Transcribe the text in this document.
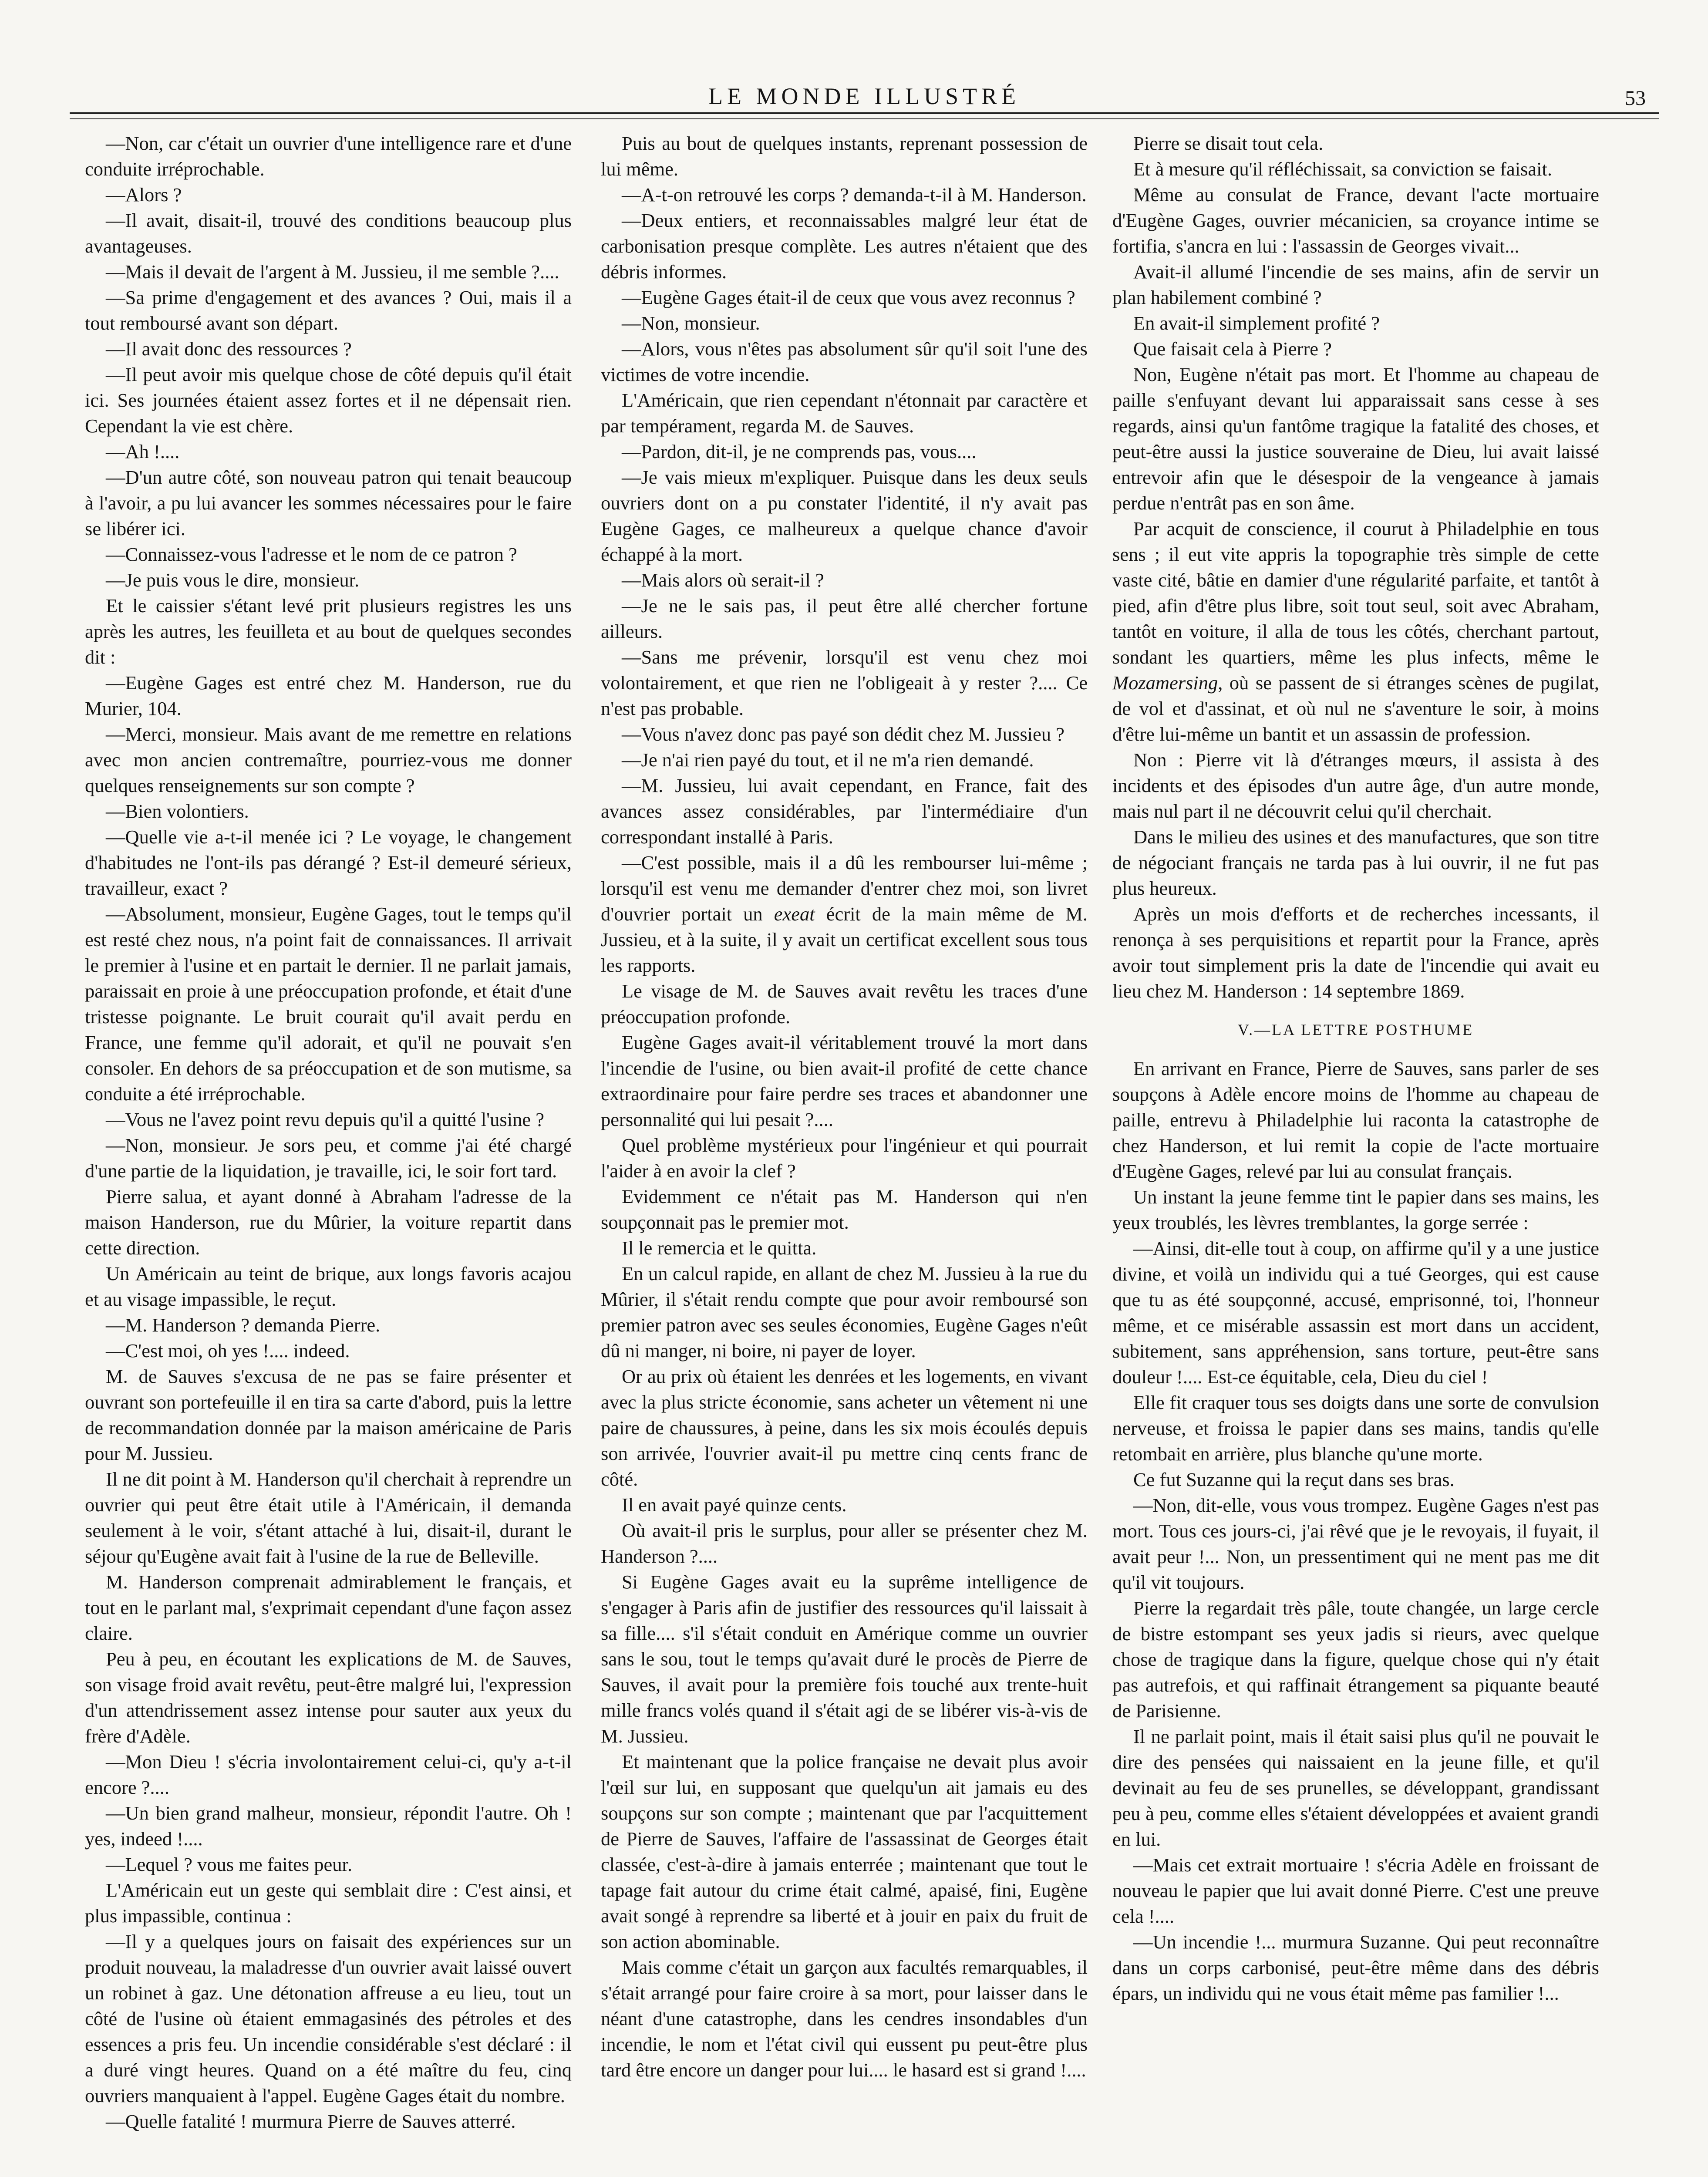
LE MONDE ILLUSTRÉ	53

—Non, car c'était un ouvrier d'une intelligence rare et d'une conduite irréprochable.

—Alors ?

—Il avait, disait-il, trouvé des conditions beaucoup plus avantageuses.

—Mais il devait de l'argent à M. Jussieu, il me semble ?....

—Sa prime d'engagement et des avances ? Oui, mais il a tout remboursé avant son départ.

—Il avait donc des ressources ?

—Il peut avoir mis quelque chose de côté depuis qu'il était ici. Ses journées étaient assez fortes et il ne dépensait rien. Cependant la vie est chère.

—Ah !....

—D'un autre côté, son nouveau patron qui tenait beaucoup à l'avoir, a pu lui avancer les sommes nécessaires pour le faire se libérer ici.

—Connaissez-vous l'adresse et le nom de ce patron ?

—Je puis vous le dire, monsieur.

Et le caissier s'étant levé prit plusieurs registres les uns après les autres, les feuilleta et au bout de quelques secondes dit :

—Eugène Gages est entré chez M. Handerson, rue du Murier, 104.

—Merci, monsieur. Mais avant de me remettre en relations avec mon ancien contremaître, pourriez-vous me donner quelques renseignements sur son compte ?

—Bien volontiers.

—Quelle vie a-t-il menée ici ? Le voyage, le changement d'habitudes ne l'ont-ils pas dérangé ? Est-il demeuré sérieux, travailleur, exact ?

—Absolument, monsieur, Eugène Gages, tout le temps qu'il est resté chez nous, n'a point fait de connaissances. Il arrivait le premier à l'usine et en partait le dernier. Il ne parlait jamais, paraissait en proie à une préoccupation profonde, et était d'une tristesse poignante. Le bruit courait qu'il avait perdu en France, une femme qu'il adorait, et qu'il ne pouvait s'en consoler. En dehors de sa préoccupation et de son mutisme, sa conduite a été irréprochable.

—Vous ne l'avez point revu depuis qu'il a quitté l'usine ?

—Non, monsieur. Je sors peu, et comme j'ai été chargé d'une partie de la liquidation, je travaille, ici, le soir fort tard.

Pierre salua, et ayant donné à Abraham l'adresse de la maison Handerson, rue du Mûrier, la voiture repartit dans cette direction.

Un Américain au teint de brique, aux longs favoris acajou et au visage impassible, le reçut.

—M. Handerson ? demanda Pierre.

—C'est moi, oh yes !.... indeed.

M. de Sauves s'excusa de ne pas se faire présenter et ouvrant son portefeuille il en tira sa carte d'abord, puis la lettre de recommandation donnée par la maison américaine de Paris pour M. Jussieu.

Il ne dit point à M. Handerson qu'il cherchait à reprendre un ouvrier qui peut être était utile à l'Américain, il demanda seulement à le voir, s'étant attaché à lui, disait-il, durant le séjour qu'Eugène avait fait à l'usine de la rue de Belleville.

M. Handerson comprenait admirablement le français, et tout en le parlant mal, s'exprimait cependant d'une façon assez claire.

Peu à peu, en écoutant les explications de M. de Sauves, son visage froid avait revêtu, peut-être malgré lui, l'expression d'un attendrissement assez intense pour sauter aux yeux du frère d'Adèle.

—Mon Dieu ! s'écria involontairement celui-ci, qu'y a-t-il encore ?....

—Un bien grand malheur, monsieur, répondit l'autre. Oh ! yes, indeed !....

—Lequel ? vous me faites peur.

L'Américain eut un geste qui semblait dire : C'est ainsi, et plus impassible, continua :

—Il y a quelques jours on faisait des expériences sur un produit nouveau, la maladresse d'un ouvrier avait laissé ouvert un robinet à gaz. Une détonation affreuse a eu lieu, tout un côté de l'usine où étaient emmagasinés des pétroles et des essences a pris feu. Un incendie considérable s'est déclaré : il a duré vingt heures. Quand on a été maître du feu, cinq ouvriers manquaient à l'appel. Eugène Gages était du nombre.

—Quelle fatalité ! murmura Pierre de Sauves atterré.

Puis au bout de quelques instants, reprenant possession de lui même.

—A-t-on retrouvé les corps ? demanda-t-il à M. Handerson.

—Deux entiers, et reconnaissables malgré leur état de carbonisation presque complète. Les autres n'étaient que des débris informes.

—Eugène Gages était-il de ceux que vous avez reconnus ?

—Non, monsieur.

—Alors, vous n'êtes pas absolument sûr qu'il soit l'une des victimes de votre incendie.

L'Américain, que rien cependant n'étonnait par caractère et par tempérament, regarda M. de Sauves.

—Pardon, dit-il, je ne comprends pas, vous....

—Je vais mieux m'expliquer. Puisque dans les deux seuls ouvriers dont on a pu constater l'identité, il n'y avait pas Eugène Gages, ce malheureux a quelque chance d'avoir échappé à la mort.

—Mais alors où serait-il ?

—Je ne le sais pas, il peut être allé chercher fortune ailleurs.

—Sans me prévenir, lorsqu'il est venu chez moi volontairement, et que rien ne l'obligeait à y rester ?.... Ce n'est pas probable.

—Vous n'avez donc pas payé son dédit chez M. Jussieu ?

—Je n'ai rien payé du tout, et il ne m'a rien demandé.

—M. Jussieu, lui avait cependant, en France, fait des avances assez considérables, par l'intermédiaire d'un correspondant installé à Paris.

—C'est possible, mais il a dû les rembourser lui-même ; lorsqu'il est venu me demander d'entrer chez moi, son livret d'ouvrier portait un exeat écrit de la main même de M. Jussieu, et à la suite, il y avait un certificat excellent sous tous les rapports.

Le visage de M. de Sauves avait revêtu les traces d'une préoccupation profonde.

Eugène Gages avait-il véritablement trouvé la mort dans l'incendie de l'usine, ou bien avait-il profité de cette chance extraordinaire pour faire perdre ses traces et abandonner une personnalité qui lui pesait ?....

Quel problème mystérieux pour l'ingénieur et qui pourrait l'aider à en avoir la clef ?

Evidemment ce n'était pas M. Handerson qui n'en soupçonnait pas le premier mot.

Il le remercia et le quitta.

En un calcul rapide, en allant de chez M. Jussieu à la rue du Mûrier, il s'était rendu compte que pour avoir remboursé son premier patron avec ses seules économies, Eugène Gages n'eût dû ni manger, ni boire, ni payer de loyer.

Or au prix où étaient les denrées et les logements, en vivant avec la plus stricte économie, sans acheter un vêtement ni une paire de chaussures, à peine, dans les six mois écoulés depuis son arrivée, l'ouvrier avait-il pu mettre cinq cents franc de côté.

Il en avait payé quinze cents.

Où avait-il pris le surplus, pour aller se présenter chez M. Handerson ?....

Si Eugène Gages avait eu la suprême intelligence de s'engager à Paris afin de justifier des ressources qu'il laissait à sa fille.... s'il s'était conduit en Amérique comme un ouvrier sans le sou, tout le temps qu'avait duré le procès de Pierre de Sauves, il avait pour la première fois touché aux trente-huit mille francs volés quand il s'était agi de se libérer vis-à-vis de M. Jussieu.

Et maintenant que la police française ne devait plus avoir l'œil sur lui, en supposant que quelqu'un ait jamais eu des soupçons sur son compte ; maintenant que par l'acquittement de Pierre de Sauves, l'affaire de l'assassinat de Georges était classée, c'est-à-dire à jamais enterrée ; maintenant que tout le tapage fait autour du crime était calmé, apaisé, fini, Eugène avait songé à reprendre sa liberté et à jouir en paix du fruit de son action abominable.

Mais comme c'était un garçon aux facultés remarquables, il s'était arrangé pour faire croire à sa mort, pour laisser dans le néant d'une catastrophe, dans les cendres insondables d'un incendie, le nom et l'état civil qui eussent pu peut-être plus tard être encore un danger pour lui.... le hasard est si grand !....

Pierre se disait tout cela.

Et à mesure qu'il réfléchissait, sa conviction se faisait.

Même au consulat de France, devant l'acte mortuaire d'Eugène Gages, ouvrier mécanicien, sa croyance intime se fortifia, s'ancra en lui : l'assassin de Georges vivait...

Avait-il allumé l'incendie de ses mains, afin de servir un plan habilement combiné ?

En avait-il simplement profité ?

Que faisait cela à Pierre ?

Non, Eugène n'était pas mort. Et l'homme au chapeau de paille s'enfuyant devant lui apparaissait sans cesse à ses regards, ainsi qu'un fantôme tragique la fatalité des choses, et peut-être aussi la justice souveraine de Dieu, lui avait laissé entrevoir afin que le désespoir de la vengeance à jamais perdue n'entrât pas en son âme.

Par acquit de conscience, il courut à Philadelphie en tous sens ; il eut vite appris la topographie très simple de cette vaste cité, bâtie en damier d'une régularité parfaite, et tantôt à pied, afin d'être plus libre, soit tout seul, soit avec Abraham, tantôt en voiture, il alla de tous les côtés, cherchant partout, sondant les quartiers, même les plus infects, même le Mozamersing, où se passent de si étranges scènes de pugilat, de vol et d'assinat, et où nul ne s'aventure le soir, à moins d'être lui-même un bantit et un assassin de profession.

Non : Pierre vit là d'étranges mœurs, il assista à des incidents et des épisodes d'un autre âge, d'un autre monde, mais nul part il ne découvrit celui qu'il cherchait.

Dans le milieu des usines et des manufactures, que son titre de négociant français ne tarda pas à lui ouvrir, il ne fut pas plus heureux.

Après un mois d'efforts et de recherches incessants, il renonça à ses perquisitions et repartit pour la France, après avoir tout simplement pris la date de l'incendie qui avait eu lieu chez M. Handerson : 14 septembre 1869.

V.—LA LETTRE POSTHUME

En arrivant en France, Pierre de Sauves, sans parler de ses soupçons à Adèle encore moins de l'homme au chapeau de paille, entrevu à Philadelphie lui raconta la catastrophe de chez Handerson, et lui remit la copie de l'acte mortuaire d'Eugène Gages, relevé par lui au consulat français.

Un instant la jeune femme tint le papier dans ses mains, les yeux troublés, les lèvres tremblantes, la gorge serrée :

—Ainsi, dit-elle tout à coup, on affirme qu'il y a une justice divine, et voilà un individu qui a tué Georges, qui est cause que tu as été soupçonné, accusé, emprisonné, toi, l'honneur même, et ce misérable assassin est mort dans un accident, subitement, sans appréhension, sans torture, peut-être sans douleur !.... Est-ce équitable, cela, Dieu du ciel !

Elle fit craquer tous ses doigts dans une sorte de convulsion nerveuse, et froissa le papier dans ses mains, tandis qu'elle retombait en arrière, plus blanche qu'une morte.

Ce fut Suzanne qui la reçut dans ses bras.

—Non, dit-elle, vous vous trompez. Eugène Gages n'est pas mort. Tous ces jours-ci, j'ai rêvé que je le revoyais, il fuyait, il avait peur !... Non, un pressentiment qui ne ment pas me dit qu'il vit toujours.

Pierre la regardait très pâle, toute changée, un large cercle de bistre estompant ses yeux jadis si rieurs, avec quelque chose de tragique dans la figure, quelque chose qui n'y était pas autrefois, et qui raffinait étrangement sa piquante beauté de Parisienne.

Il ne parlait point, mais il était saisi plus qu'il ne pouvait le dire des pensées qui naissaient en la jeune fille, et qu'il devinait au feu de ses prunelles, se développant, grandissant peu à peu, comme elles s'étaient développées et avaient grandi en lui.

—Mais cet extrait mortuaire ! s'écria Adèle en froissant de nouveau le papier que lui avait donné Pierre. C'est une preuve cela !....

—Un incendie !... murmura Suzanne. Qui peut reconnaître dans un corps carbonisé, peut-être même dans des débris épars, un individu qui ne vous était même pas familier !...
